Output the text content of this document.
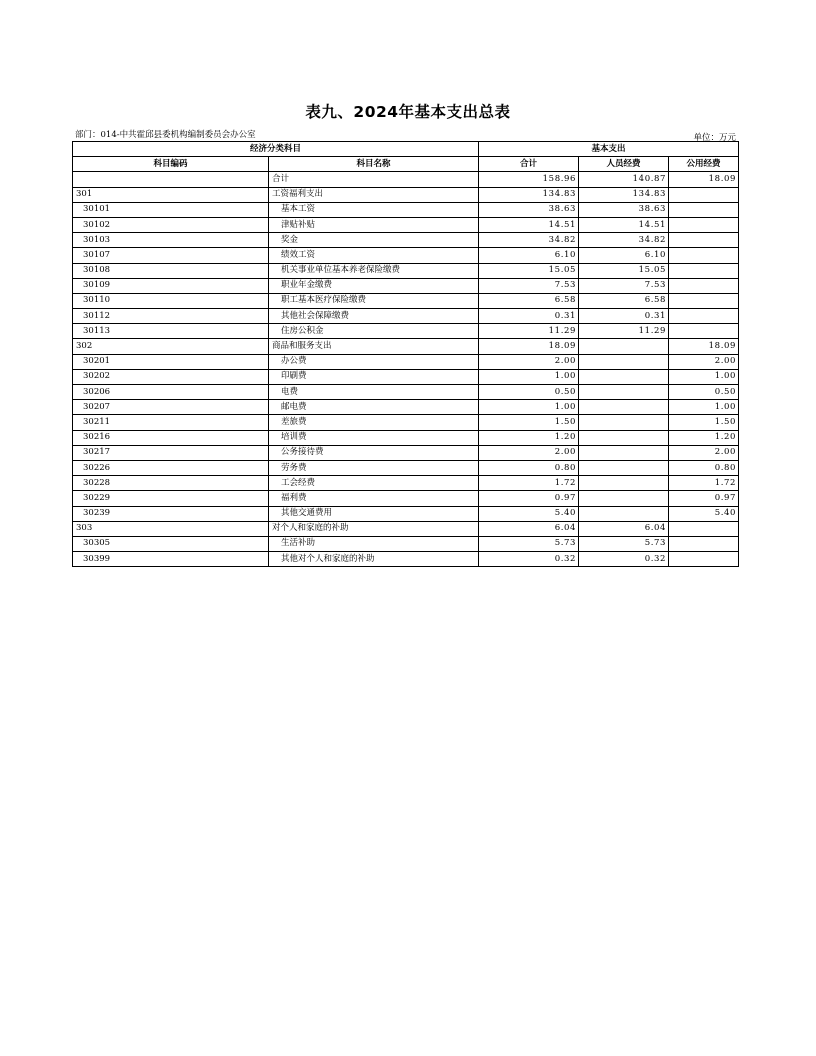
表九、2024年基本支出总表
部门：014-中共霍邱县委机构编制委员会办公室	单位：万元
经济分类科目		基本支出		
科目编码	科目名称	合计	人员经费	公用经费
	合计	158.96	140.87	18.09
301	工资福利支出	134.83	134.83	
30101	基本工资	38.63	38.63	
30102	津贴补贴	14.51	14.51	
30103	奖金	34.82	34.82	
30107	绩效工资	6.10	6.10	
30108	机关事业单位基本养老保险缴费	15.05	15.05	
30109	职业年金缴费	7.53	7.53	
30110	职工基本医疗保险缴费	6.58	6.58	
30112	其他社会保障缴费	0.31	0.31	
30113	住房公积金	11.29	11.29	
302	商品和服务支出	18.09		18.09
30201	办公费	2.00		2.00
30202	印刷费	1.00		1.00
30206	电费	0.50		0.50
30207	邮电费	1.00		1.00
30211	差旅费	1.50		1.50
30216	培训费	1.20		1.20
30217	公务接待费	2.00		2.00
30226	劳务费	0.80		0.80
30228	工会经费	1.72		1.72
30229	福利费	0.97		0.97
30239	其他交通费用	5.40		5.40
303	对个人和家庭的补助	6.04	6.04	
30305	生活补助	5.73	5.73	
30399	其他对个人和家庭的补助	0.32	0.32	
